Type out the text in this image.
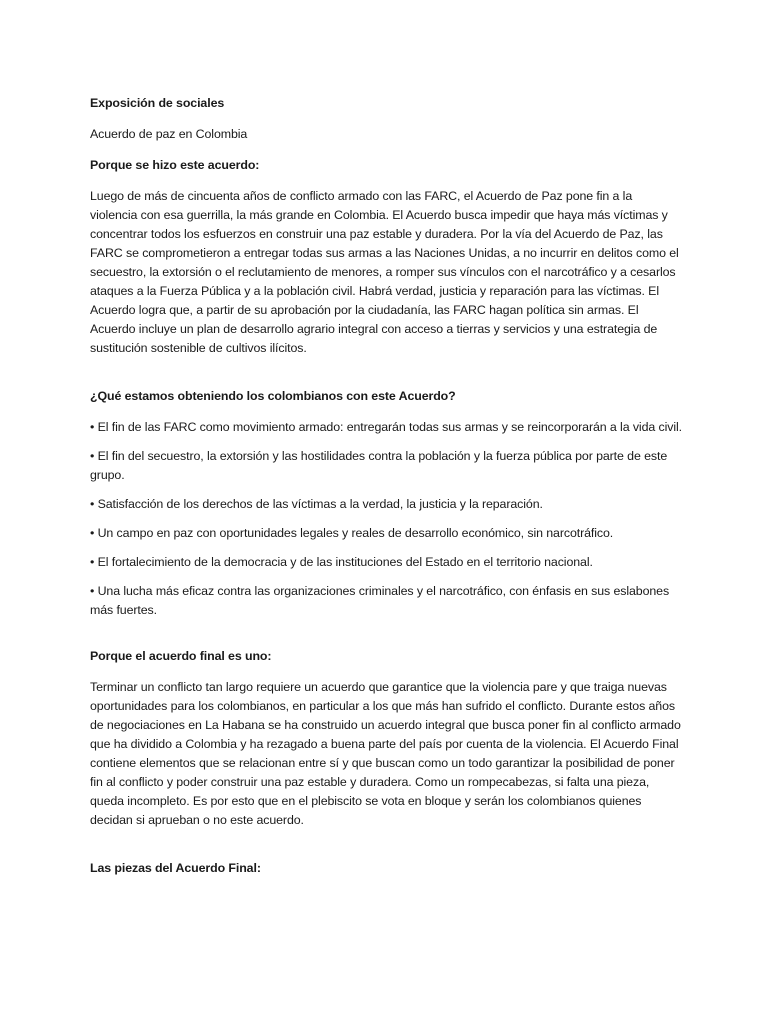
Exposición de sociales
Acuerdo de paz en Colombia
Porque se hizo este acuerdo:
Luego de más de cincuenta años de conflicto armado con las FARC, el Acuerdo de Paz pone fin a la violencia con esa guerrilla, la más grande en Colombia. El Acuerdo busca impedir que haya más víctimas y concentrar todos los esfuerzos en construir una paz estable y duradera. Por la vía del Acuerdo de Paz, las FARC se comprometieron a entregar todas sus armas a las Naciones Unidas, a no incurrir en delitos como el secuestro, la extorsión o el reclutamiento de menores, a romper sus vínculos con el narcotráfico y a cesarlos ataques a la Fuerza Pública y a la población civil. Habrá verdad, justicia y reparación para las víctimas. El Acuerdo logra que, a partir de su aprobación por la ciudadanía, las FARC hagan política sin armas. El Acuerdo incluye un plan de desarrollo agrario integral con acceso a tierras y servicios y una estrategia de sustitución sostenible de cultivos ilícitos.
¿Qué estamos obteniendo los colombianos con este Acuerdo?
• El fin de las FARC como movimiento armado: entregarán todas sus armas y se reincorporarán a la vida civil.
• El fin del secuestro, la extorsión y las hostilidades contra la población y la fuerza pública por parte de este grupo.
• Satisfacción de los derechos de las víctimas a la verdad, la justicia y la reparación.
• Un campo en paz con oportunidades legales y reales de desarrollo económico, sin narcotráfico.
• El fortalecimiento de la democracia y de las instituciones del Estado en el territorio nacional.
• Una lucha más eficaz contra las organizaciones criminales y el narcotráfico, con énfasis en sus eslabones más fuertes.
Porque el acuerdo final es uno:
Terminar un conflicto tan largo requiere un acuerdo que garantice que la violencia pare y que traiga nuevas oportunidades para los colombianos, en particular a los que más han sufrido el conflicto. Durante estos años de negociaciones en La Habana se ha construido un acuerdo integral que busca poner fin al conflicto armado que ha dividido a Colombia y ha rezagado a buena parte del país por cuenta de la violencia. El Acuerdo Final contiene elementos que se relacionan entre sí y que buscan como un todo garantizar la posibilidad de poner fin al conflicto y poder construir una paz estable y duradera. Como un rompecabezas, si falta una pieza, queda incompleto. Es por esto que en el plebiscito se vota en bloque y serán los colombianos quienes decidan si aprueban o no este acuerdo.
Las piezas del Acuerdo Final:
